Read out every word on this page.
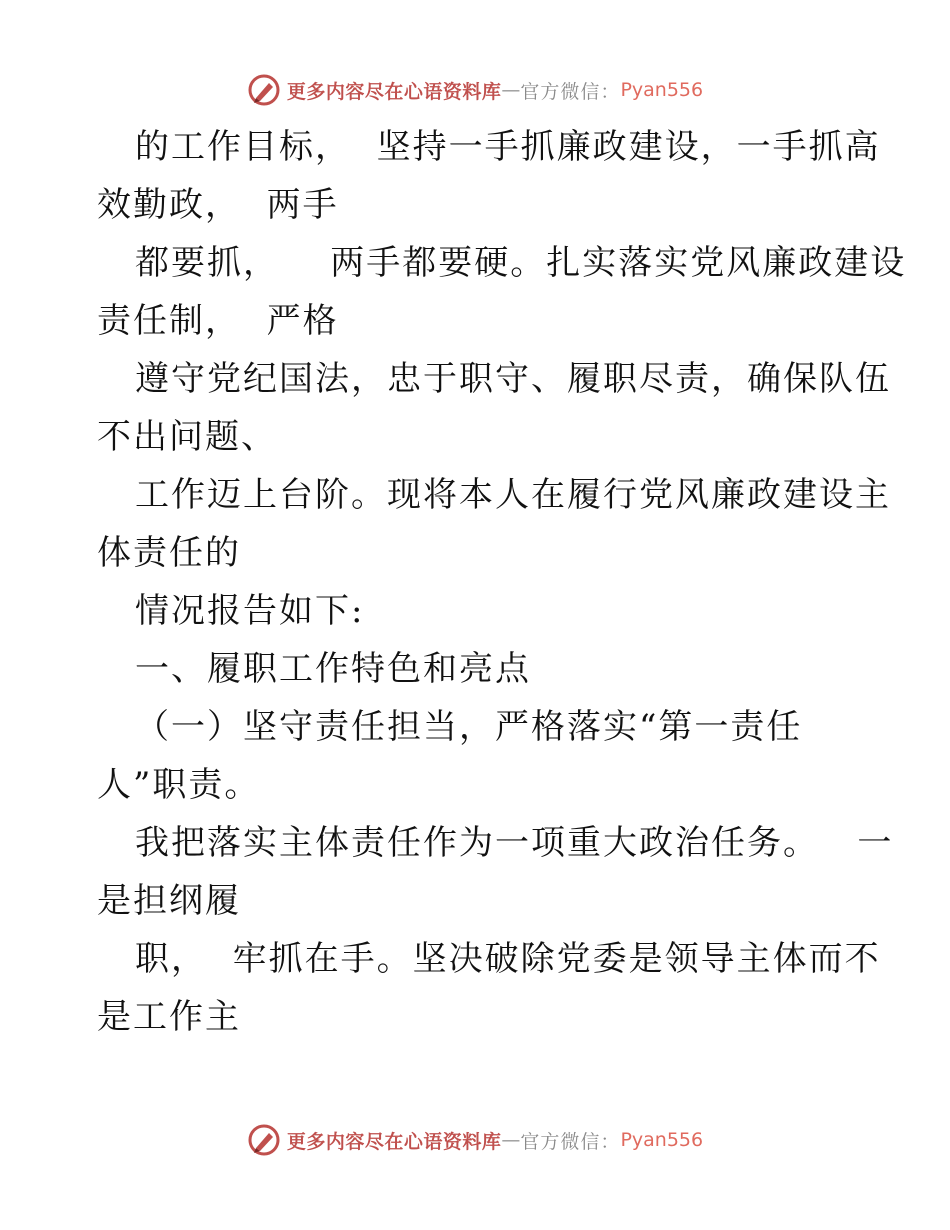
更多内容尽在心语资料库 — 官方微信： Pyan556
的工作目标，  坚持一手抓廉政建设，一手抓高
效勤政，  两手
都要抓，    两手都要硬。扎实落实党风廉政建设
责任制，  严格
遵守党纪国法，忠于职守、履职尽责，确保队伍
不出问题、
工作迈上台阶。现将本人在履行党风廉政建设主
体责任的
情况报告如下:
一、履职工作特色和亮点
（一）坚守责任担当，严格落实“第一责任
人”职责。
我把落实主体责任作为一项重大政治任务。   一
是担纲履
职，  牢抓在手。坚决破除党委是领导主体而不
是工作主
更多内容尽在心语资料库 — 官方微信： Pyan556
